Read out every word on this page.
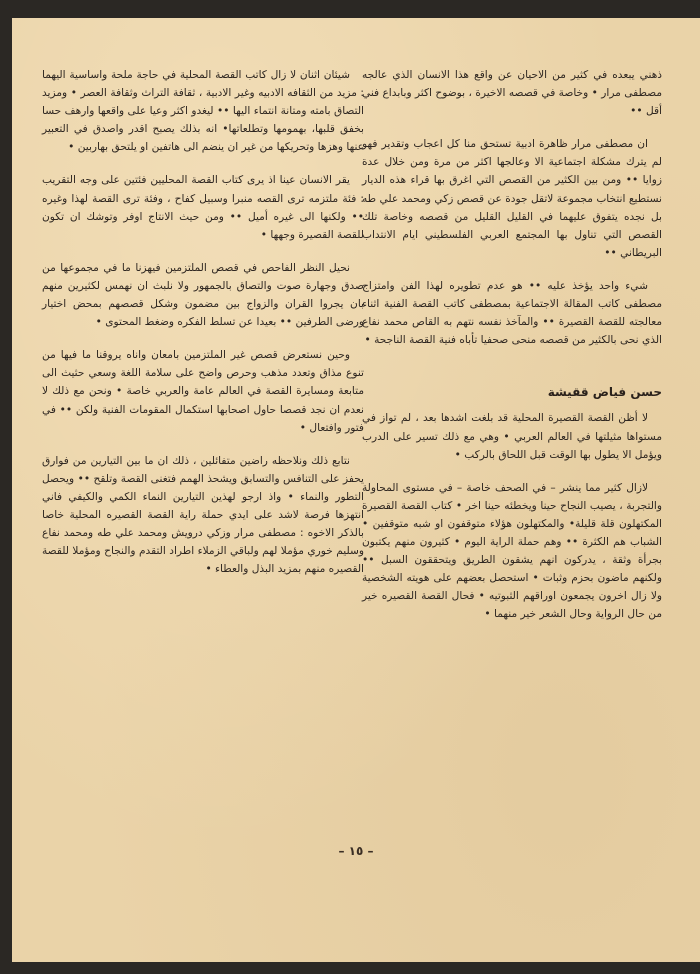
ذهني يبعده في كثير من الاحيان عن واقع هذا الانسان الذي عالجه مصطفى مرار • وخاصة في قصصه الاخيرة ، بوضوح اكثر وبابداع فني أقل ••

ان مصطفى مرار ظاهرة ادبية تستحق منا كل اعجاب وتقدير فهو لم يترك مشكلة اجتماعية الا وعالجها اكثر من مرة ومن خلال عدة زوايا •• ومن بين الكثير من القصص التي اغرق بها قراء هذه الديار نستطيع انتخاب مجموعة لاتقل جودة عن قصص زكي ومحمد علي طه بل نجده يتفوق عليهما في القليل القليل من قصصه وخاصة تلك القصص التي تناول بها المجتمع العربي الفلسطيني ايام الانتداب البريطاني ••

شيء واحد يؤخذ عليه •• هو عدم تطويره لهذا الفن وامتزاج مصطفى كاتب المقالة الاجتماعية بمصطفى كاتب القصة الفنية اثناء معالجته للقصة القصيرة •• والمآخذ نفسه نتهم به القاص محمد نفاع الذي نحى بالكثير من قصصه منحى صحفيا تأباه فنية القصة الناجحة •

حسن فياض ققيشة

لا أظن القصة القصيرة المحلية قد بلغت اشدها بعد ، لم تواز في مستواها مثيلتها في العالم العربي • وهي مع ذلك تسير على الدرب ويؤمل الا يطول بها الوقت قبل اللحاق بالركب •

لازال كثير مما ينشر – في الصحف خاصة – في مستوى المحاولة والتجربة ، يصيب النجاح حينا ويخطئه حينا اخر • كتاب القصة القصيرة المكتهلون قلة قليلة• والمكتهلون هؤلاء متوقفون او شبه متوقفين • الشباب هم الكثرة •• وهم حملة الراية اليوم • كثيرون منهم يكتبون بجرأة وثقة ، يدركون انهم يشقون الطريق ويتحققون السبل •• ولكنهم ماضون بحزم وثبات • استحصل بعضهم على هويته الشخصية ولا زال اخرون يجمعون اوراقهم الثبوتيه • فحال القصة القصيره خير من حال الرواية وحال الشعر خير منهما •

شيئان اثنان لا زال كاتب القصة المحلية في حاجة ملحة واساسية اليهما : مزيد من الثقافه الادبيه وغير الادبية ، ثقافة التراث وثقافة العصر • ومزيد التصاق بامته ومتانة انتماء اليها •• ليغدو اكثر وعيا على واقعها وارهف حسا بخفق قلبها، بهمومها وتطلعاتها• انه بذلك يصبح اقدر واصدق في التعبير عنها وهزها وتحريكها من غير ان ينضم الى هاتفين او يلتحق بهاربين •

يقر الانسان عينا اذ يرى كتاب القصة المحليين فئتين على وجه التقريب : فئة ملتزمه ترى القصه منبرا وسبيل كفاح ، وفئة ترى القصة لهذا وغيره •• ولكنها الى غيره أميل •• ومن حيث الانتاج اوفر وتوشك ان تكون للقصة القصيرة وجهها •

نحيل النظر الفاحص في قصص الملتزمين فيهزنا ما في مجموعها من صدق وجهارة صوت والتصاق بالجمهور ولا نلبث ان نهمس لكثيرين منهم بان يجروا القران والزواج بين مضمون وشكل قصصهم بمحض اختيار ورضى الطرفين •• بعيدا عن تسلط الفكره وضغط المحتوى •

وحين نستعرض قصص غير الملتزمين بامعان واناه يروقنا ما فيها من تنوع مذاق وتعدد مذهب وحرص واضح على سلامة اللغة وسعي حثيث الى متابعة ومسايرة القصة في العالم عامة والعربي خاصة • ونحن مع ذلك لا نعدم ان نجد قصصا حاول اصحابها استكمال المقومات الفنية ولكن •• في فتور وافتعال •

نتابع ذلك ونلاحظه راضين متفائلين ، ذلك ان ما بين التيارين من فوارق يحفز على التنافس والتسابق ويشحذ الهمم فتغنى القصة وتلقح •• ويحصل التطور والنماء • واذ ارجو لهذين التيارين النماء الكمي والكيفي فاني انتهزها فرصة لاشد على ايدي حملة راية القصة القصيره المحلية خاصا بالذكر الاخوه : مصطفى مرار وزكي درويش ومحمد علي طه ومحمد نفاع وسليم خوري مؤملا لهم ولباقي الزملاء اطراد التقدم والنجاح ومؤملا للقصة القصيره منهم بمزيد البذل والعطاء •

– ١٥ –
